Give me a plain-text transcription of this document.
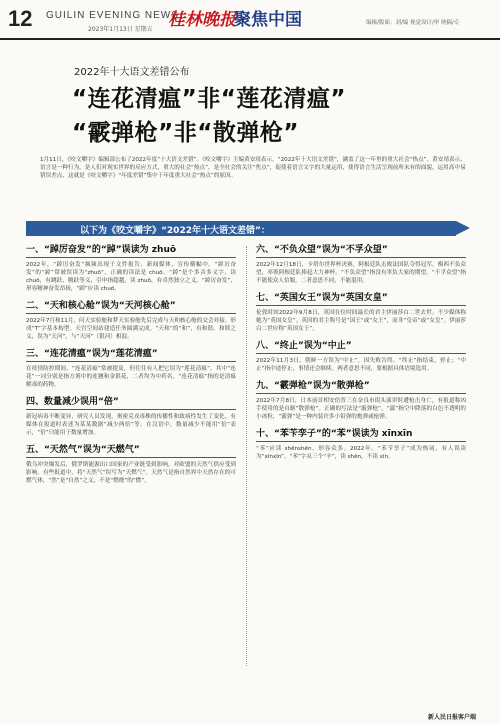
12 GUILIN EVENING NEWS
2023年1月13日 星期五 桂林晚报
聚焦中国	编辑/版面：刘/编 视觉设计/审 统稿/专
2022年十大语文差错公布
“连花清瘟”非“莲花清瘟”
“霰弹枪”非“散弹枪”
1月11日，《咬文嚼字》编辑部公布了2022年度“十大语文差错”。《咬文嚼字》主编黄安靖表示，“2022年十大语文差错”，涵盖了这一年里的重大社会“热点”。黄安靖表示，语言是一种行为，是人们对现实世界的反应方式，重大的社会“热点”，是全社会的关注“焦点”，促使着语言文字的大量运用，使得语言生活呈现前所未有的面貌，运用高中易错误差点，这就是《咬文嚼字》“年度差错”集中于年度重大社会“热点”的原因。
以下为《咬文嚼字》“2022年十大语文差错”：
一、“踔厉奋发”的“踔”误读为 zhuō
2022年，“踔厉奋发”频频出现于文件报告、新闻媒体，宣传横幅中。“踔厉奋发”的“踔”常被误读为“zhuō”，正确的读法是 chuō。“踔”是个多音多义字，读 chuō，有跳跃、腾跃等义，引申指超越，读 zhuō，有卓然独立之义。“踔厉奋发”，形容精神奋发昂扬，“踔”应读 chuō。
二、“天和核心舱”误为“天河核心舱”
2022年7月和11月，问天实验舱和梦天实验舱先后完成与天和核心舱的交会对接。形成“T”字基本构型。天宫空间站建造任务圆满完成。“天和”的“和”，有和谐、和睦之义，误为“天河”，与“天河”（银河）相混。
三、“连花清瘟”误为“莲花清瘟”
在疫情防控期间，“连花清瘟”常被提及，但往往有人把它误为“莲花清瘟”。其中“连花”一词分别是指方剂中的连翘和金银花，二者均为中药名，“连花清瘟”指的是清瘟解毒的药物。
四、数量减少误用“倍”
新冠病毒不断变异，研究人员发现，奥密克戎毒株的传播性和致病性发生了变化。有媒体在报道时表述为某某数据“减少两倍”等。在汉语中，数量减少不能用“倍”表示，“倍”只能用于数量增加。
五、“天然气”误为“天燃气”
俄乌冲突爆发后，俄罗斯能源出口国家的产业链受到影响，对欧盟的天然气供应受到影响。有些报道中，将“天然气”误写为“天燃气”。天然气是指自然界中天然存在的可燃气体，“然”是“自然”之义，不是“燃烧”的“燃”。
六、“不负众望”误为“不孚众望”
2022年12月18日，卡塔尔世界杯决赛，阿根廷队击败法国队夺得冠军。梅西不负众望，率领阿根廷队捧起大力神杯。“不负众望”指没有辜负大家的期望，“不孚众望”指不能使众人信服，二者意思不同，不能混用。
七、“英国女王”误为“英国女皇”
伦敦时间2022年9月8日，英国在位时间最长的君主伊丽莎白二世去世。不少媒体称她为“英国女皇”。英国的君主称号是“国王”或“女王”，而非“皇帝”或“女皇”。伊丽莎白二世应称“英国女王”。
八、“终止”误为“中止”
2022年11月3日，朝鲜一方误为“中止”，因失败告终。“终止”指结束，停止；“中止”指中途停止，事情还会继续。两者意思不同，要根据具体语境选用。
九、“霰弹枪”误为“散弹枪”
2022年7月8日，日本前首相安倍晋三在奈良市街头演讲时遭枪击身亡，有报道称凶手使用的是自制“散弹枪”。正确的写法是“霰弹枪”，“霰”指空中降落的白色不透明的小冰粒，“霰弹”是一种内装许多小铅弹的炮弹或枪弹。
十、“苯苄孪子”的“苯”误读为 xīnxīn
“苯”应读 shēnshēn，形容众多。2022年，“苯苄孪子”成为热词，有人误读为“xīnxīn”。“苯”字从三个“辛”，读 shēn，不读 xīn。
新人民日报客户端
